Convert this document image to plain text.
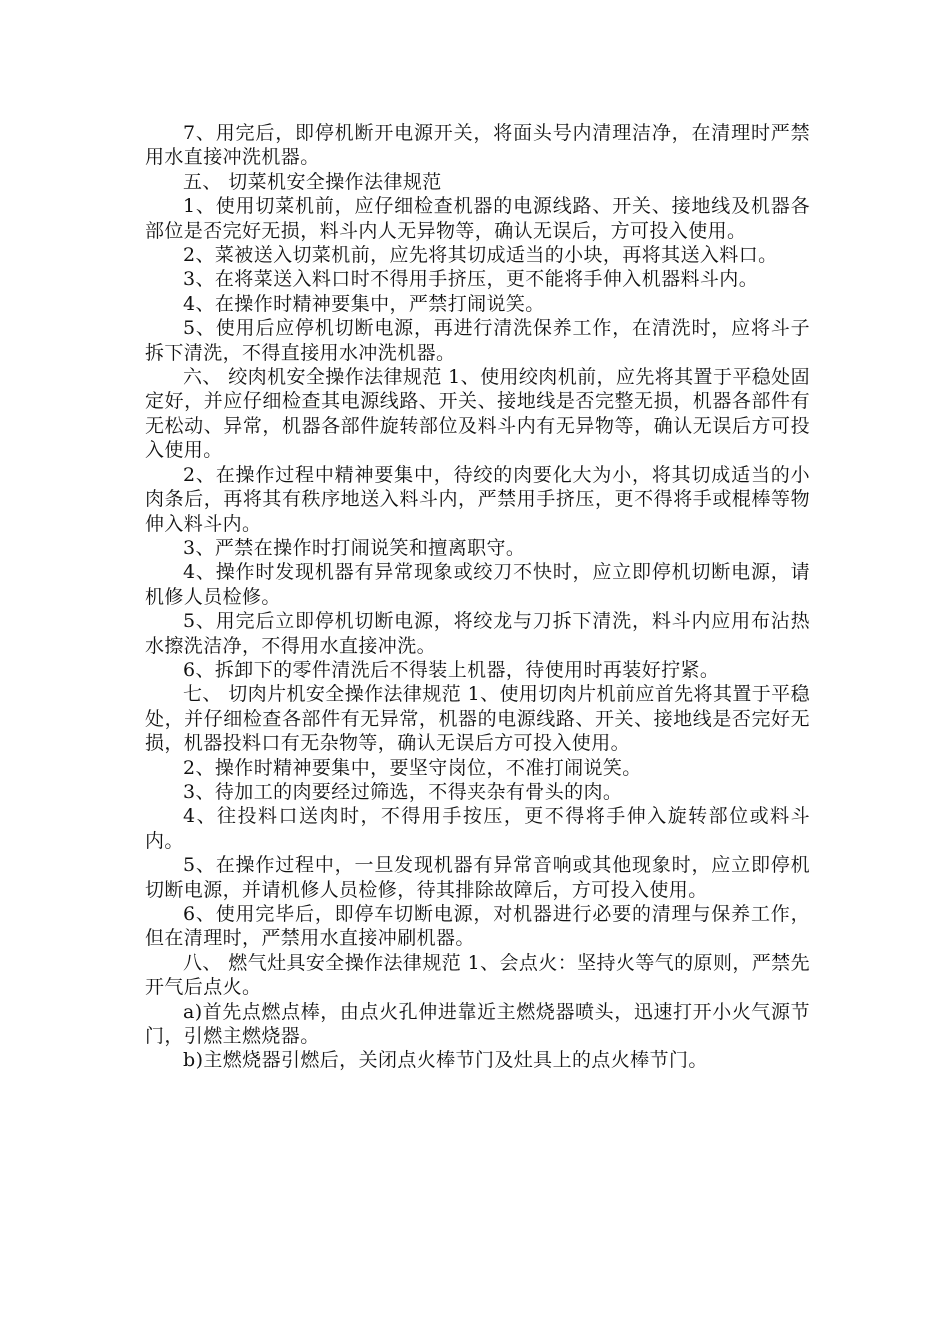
7、用完后，即停机断开电源开关，将面头号内清理洁净，在清理时严禁用水直接冲洗机器。

五、 切菜机安全操作法律规范

1、使用切菜机前，应仔细检查机器的电源线路、开关、接地线及机器各部位是否完好无损，料斗内人无异物等，确认无误后，方可投入使用。

2、菜被送入切菜机前，应先将其切成适当的小块，再将其送入料口。

3、在将菜送入料口时不得用手挤压，更不能将手伸入机器料斗内。

4、在操作时精神要集中，严禁打闹说笑。

5、使用后应停机切断电源，再进行清洗保养工作，在清洗时，应将斗子拆下清洗，不得直接用水冲洗机器。

六、 绞肉机安全操作法律规范 1、使用绞肉机前，应先将其置于平稳处固定好，并应仔细检查其电源线路、开关、接地线是否完整无损，机器各部件有无松动、异常，机器各部件旋转部位及料斗内有无异物等，确认无误后方可投入使用。

2、在操作过程中精神要集中，待绞的肉要化大为小，将其切成适当的小肉条后，再将其有秩序地送入料斗内，严禁用手挤压，更不得将手或棍棒等物伸入料斗内。

3、严禁在操作时打闹说笑和擅离职守。

4、操作时发现机器有异常现象或绞刀不快时，应立即停机切断电源，请机修人员检修。

5、用完后立即停机切断电源，将绞龙与刀拆下清洗，料斗内应用布沾热水擦洗洁净，不得用水直接冲洗。

6、拆卸下的零件清洗后不得装上机器，待使用时再装好拧紧。

七、 切肉片机安全操作法律规范 1、使用切肉片机前应首先将其置于平稳处，并仔细检查各部件有无异常，机器的电源线路、开关、接地线是否完好无损，机器投料口有无杂物等，确认无误后方可投入使用。

2、操作时精神要集中，要坚守岗位，不准打闹说笑。

3、待加工的肉要经过筛选，不得夹杂有骨头的肉。

4、往投料口送肉时，不得用手按压，更不得将手伸入旋转部位或料斗内。

5、在操作过程中，一旦发现机器有异常音响或其他现象时，应立即停机切断电源，并请机修人员检修，待其排除故障后，方可投入使用。

6、使用完毕后，即停车切断电源，对机器进行必要的清理与保养工作，但在清理时，严禁用水直接冲刷机器。

八、 燃气灶具安全操作法律规范 1、会点火：坚持火等气的原则，严禁先开气后点火。

a)首先点燃点棒，由点火孔伸进靠近主燃烧器喷头，迅速打开小火气源节门，引燃主燃烧器。

b)主燃烧器引燃后，关闭点火棒节门及灶具上的点火棒节门。
